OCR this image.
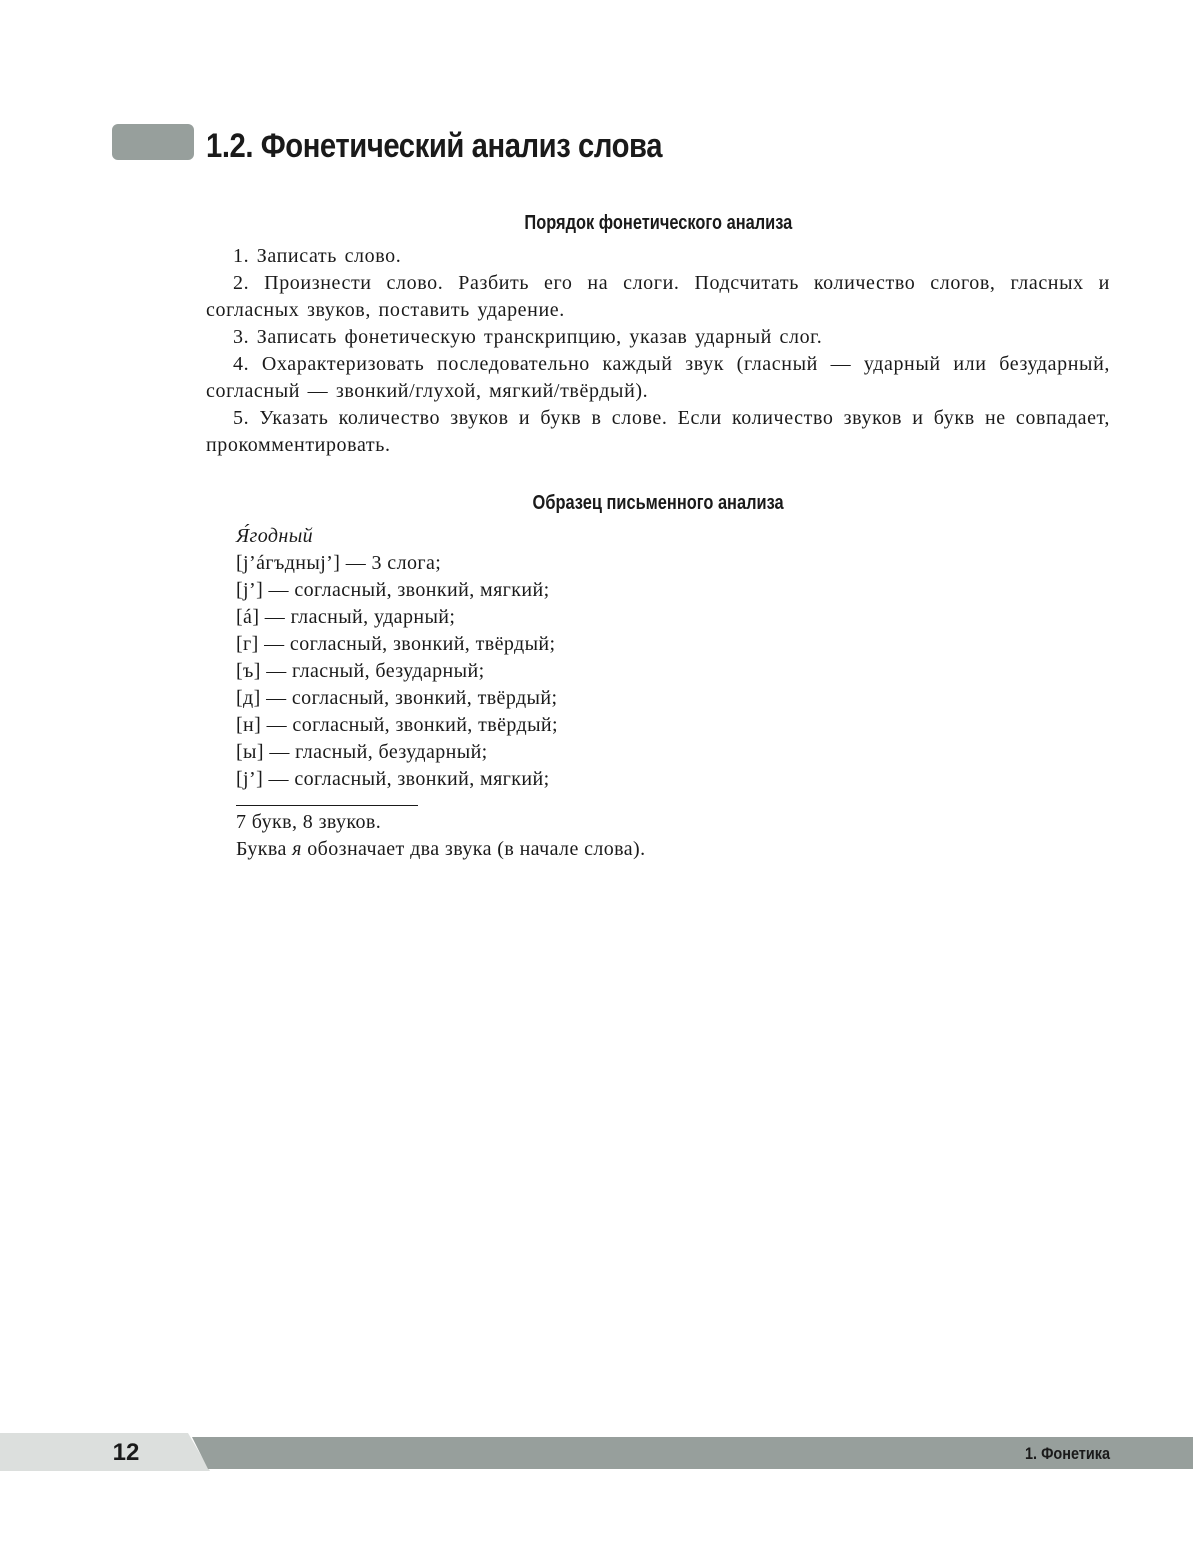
1.2. Фонетический анализ слова
Порядок фонетического анализа
1. Записать слово.
2. Произнести слово. Разбить его на слоги. Подсчитать количество слогов, гласных и согласных звуков, поставить ударение.
3. Записать фонетическую транскрипцию, указав ударный слог.
4. Охарактеризовать последовательно каждый звук (гласный — ударный или безударный, согласный — звонкий/глухой, мягкий/твёрдый).
5. Указать количество звуков и букв в слове. Если количество звуков и букв не совпадает, прокомментировать.
Образец письменного анализа
Я́годный
[j’áгъдныj’] — 3 слога;
[j’] — согласный, звонкий, мягкий;
[á] — гласный, ударный;
[г] — согласный, звонкий, твёрдый;
[ъ] — гласный, безударный;
[д] — согласный, звонкий, твёрдый;
[н] — согласный, звонкий, твёрдый;
[ы] — гласный, безударный;
[j’] — согласный, звонкий, мягкий;
7 букв, 8 звуков.
Буква я обозначает два звука (в начале слова).
12	1. Фонетика
